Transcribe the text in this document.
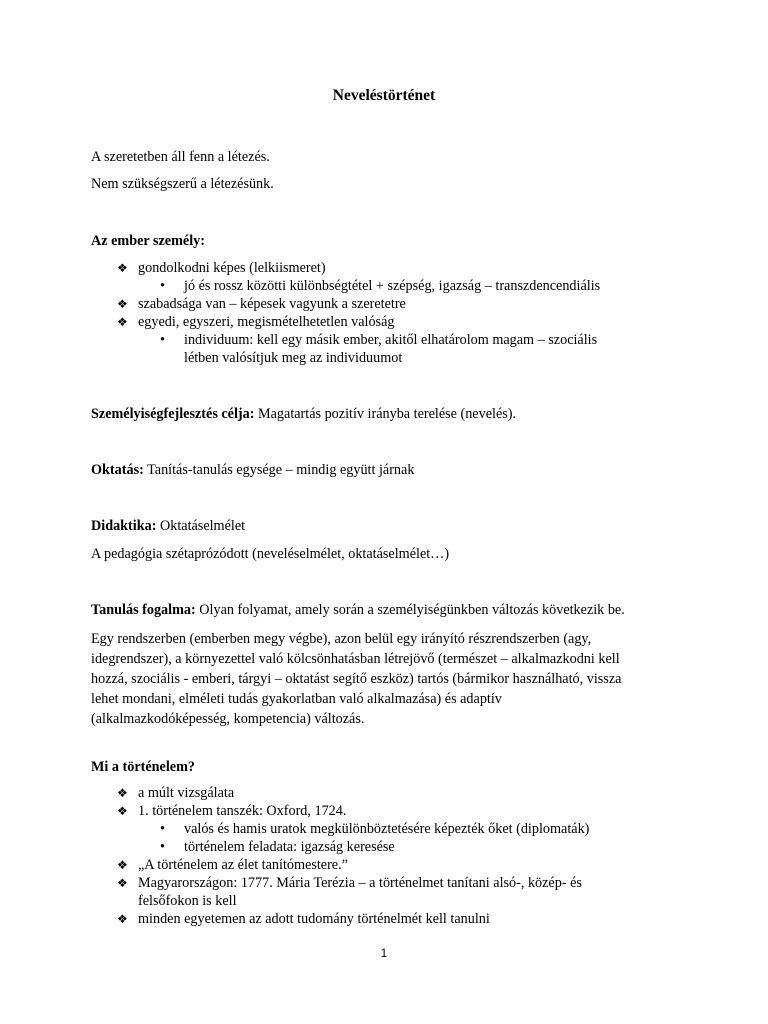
Neveléstörténet
A szeretetben áll fenn a létezés.
Nem szükségszerű a létezésünk.
Az ember személy:
❖ gondolkodni képes (lelkiismeret)
• jó és rossz közötti különbségtétel + szépség, igazság – transzdencendiális
❖ szabadsága van – képesek vagyunk a szeretetre
❖ egyedi, egyszeri, megismételhetetlen valóság
• individuum: kell egy másik ember, akitől elhatárolom magam – szociális
létben valósítjuk meg az individuumot
Személyiségfejlesztés célja: Magatartás pozitív irányba terelése (nevelés).
Oktatás: Tanítás-tanulás egysége – mindig együtt járnak
Didaktika: Oktatáselmélet
A pedagógia szétaprózódott (neveléselmélet, oktatáselmélet…)
Tanulás fogalma: Olyan folyamat, amely során a személyiségünkben változás következik be.
Egy rendszerben (emberben megy végbe), azon belül egy irányító részrendszerben (agy,
idegrendszer), a környezettel való kölcsönhatásban létrejövő (természet – alkalmazkodni kell
hozzá, szociális - emberi, tárgyi – oktatást segítő eszköz) tartós (bármikor használható, vissza
lehet mondani, elméleti tudás gyakorlatban való alkalmazása) és adaptív
(alkalmazkodóképesség, kompetencia) változás.
Mi a történelem?
❖ a múlt vizsgálata
❖ 1. történelem tanszék: Oxford, 1724.
• valós és hamis uratok megkülönböztetésére képezték őket (diplomaták)
• történelem feladata: igazság keresése
❖ „A történelem az élet tanítómestere.”
❖ Magyarországon: 1777. Mária Terézia – a történelmet tanítani alsó-, közép- és
felsőfokon is kell
❖ minden egyetemen az adott tudomány történelmét kell tanulni
1
